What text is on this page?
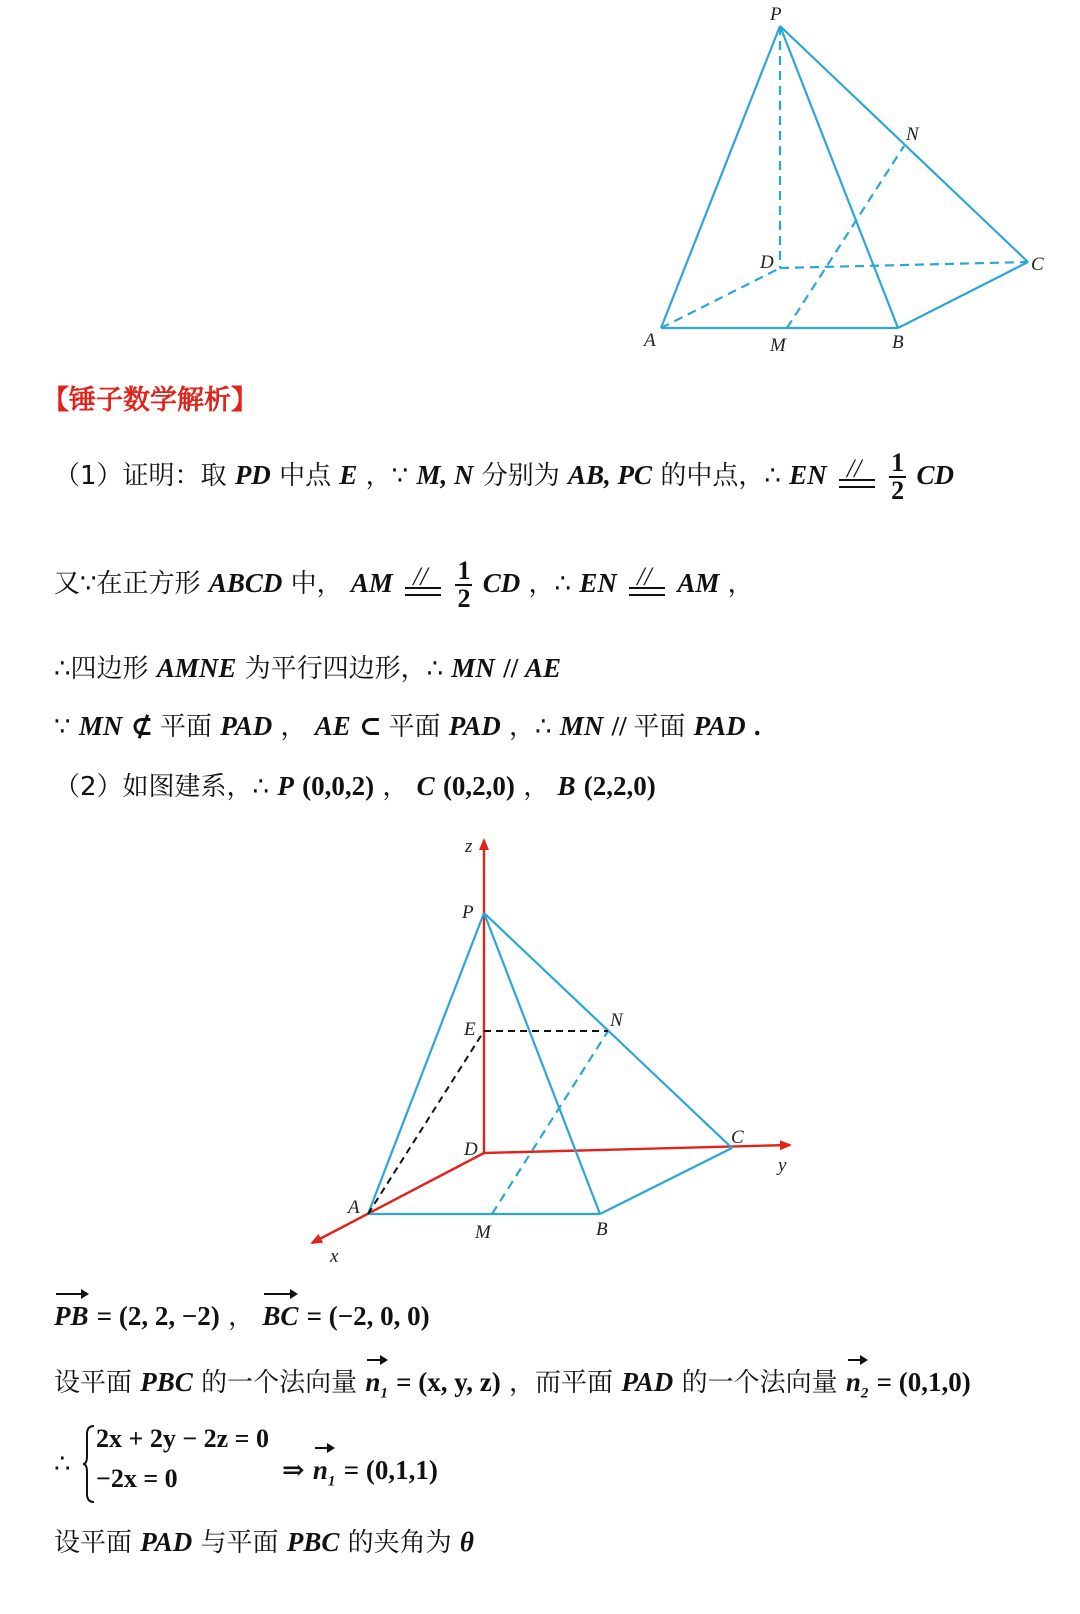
P
N
D	C
A	M	B
【锤子数学解析】
（1）证明：取 PD 中点 E ，∵ M, N 分别为 AB, PC 的中点，∴ EN //
$\frac{1}{2}$ CD
又∵在正方形 ABCD 中， AM //
$\frac{1}{2}$ CD ，∴ EN // AM ，
∴四边形 AMNE 为平行四边形，∴ MN // AE
∵ MN ⊄ 平面 PAD ， AE ⊂ 平面 PAD ，∴ MN // 平面 PAD .
（2）如图建系，∴ P (0,0,2) ， C (0,2,0) ， B (2,2,0)
z
P
E	N
D
C
y
A
M	B
x
PB = (2, 2, −2) ， BC = (−2, 0, 0)
设平面 PBC 的一个法向量 $n_1 = (x$, y, z) ，而平面 PAD 的一个法向量 $n_2 = (0,1,0)$
∴
2x + 2y − 2z = 0
−2x = 0	⇒ $n_1 = (0,1,1)$
设平面 PAD 与平面 PBC 的夹角为 θ
